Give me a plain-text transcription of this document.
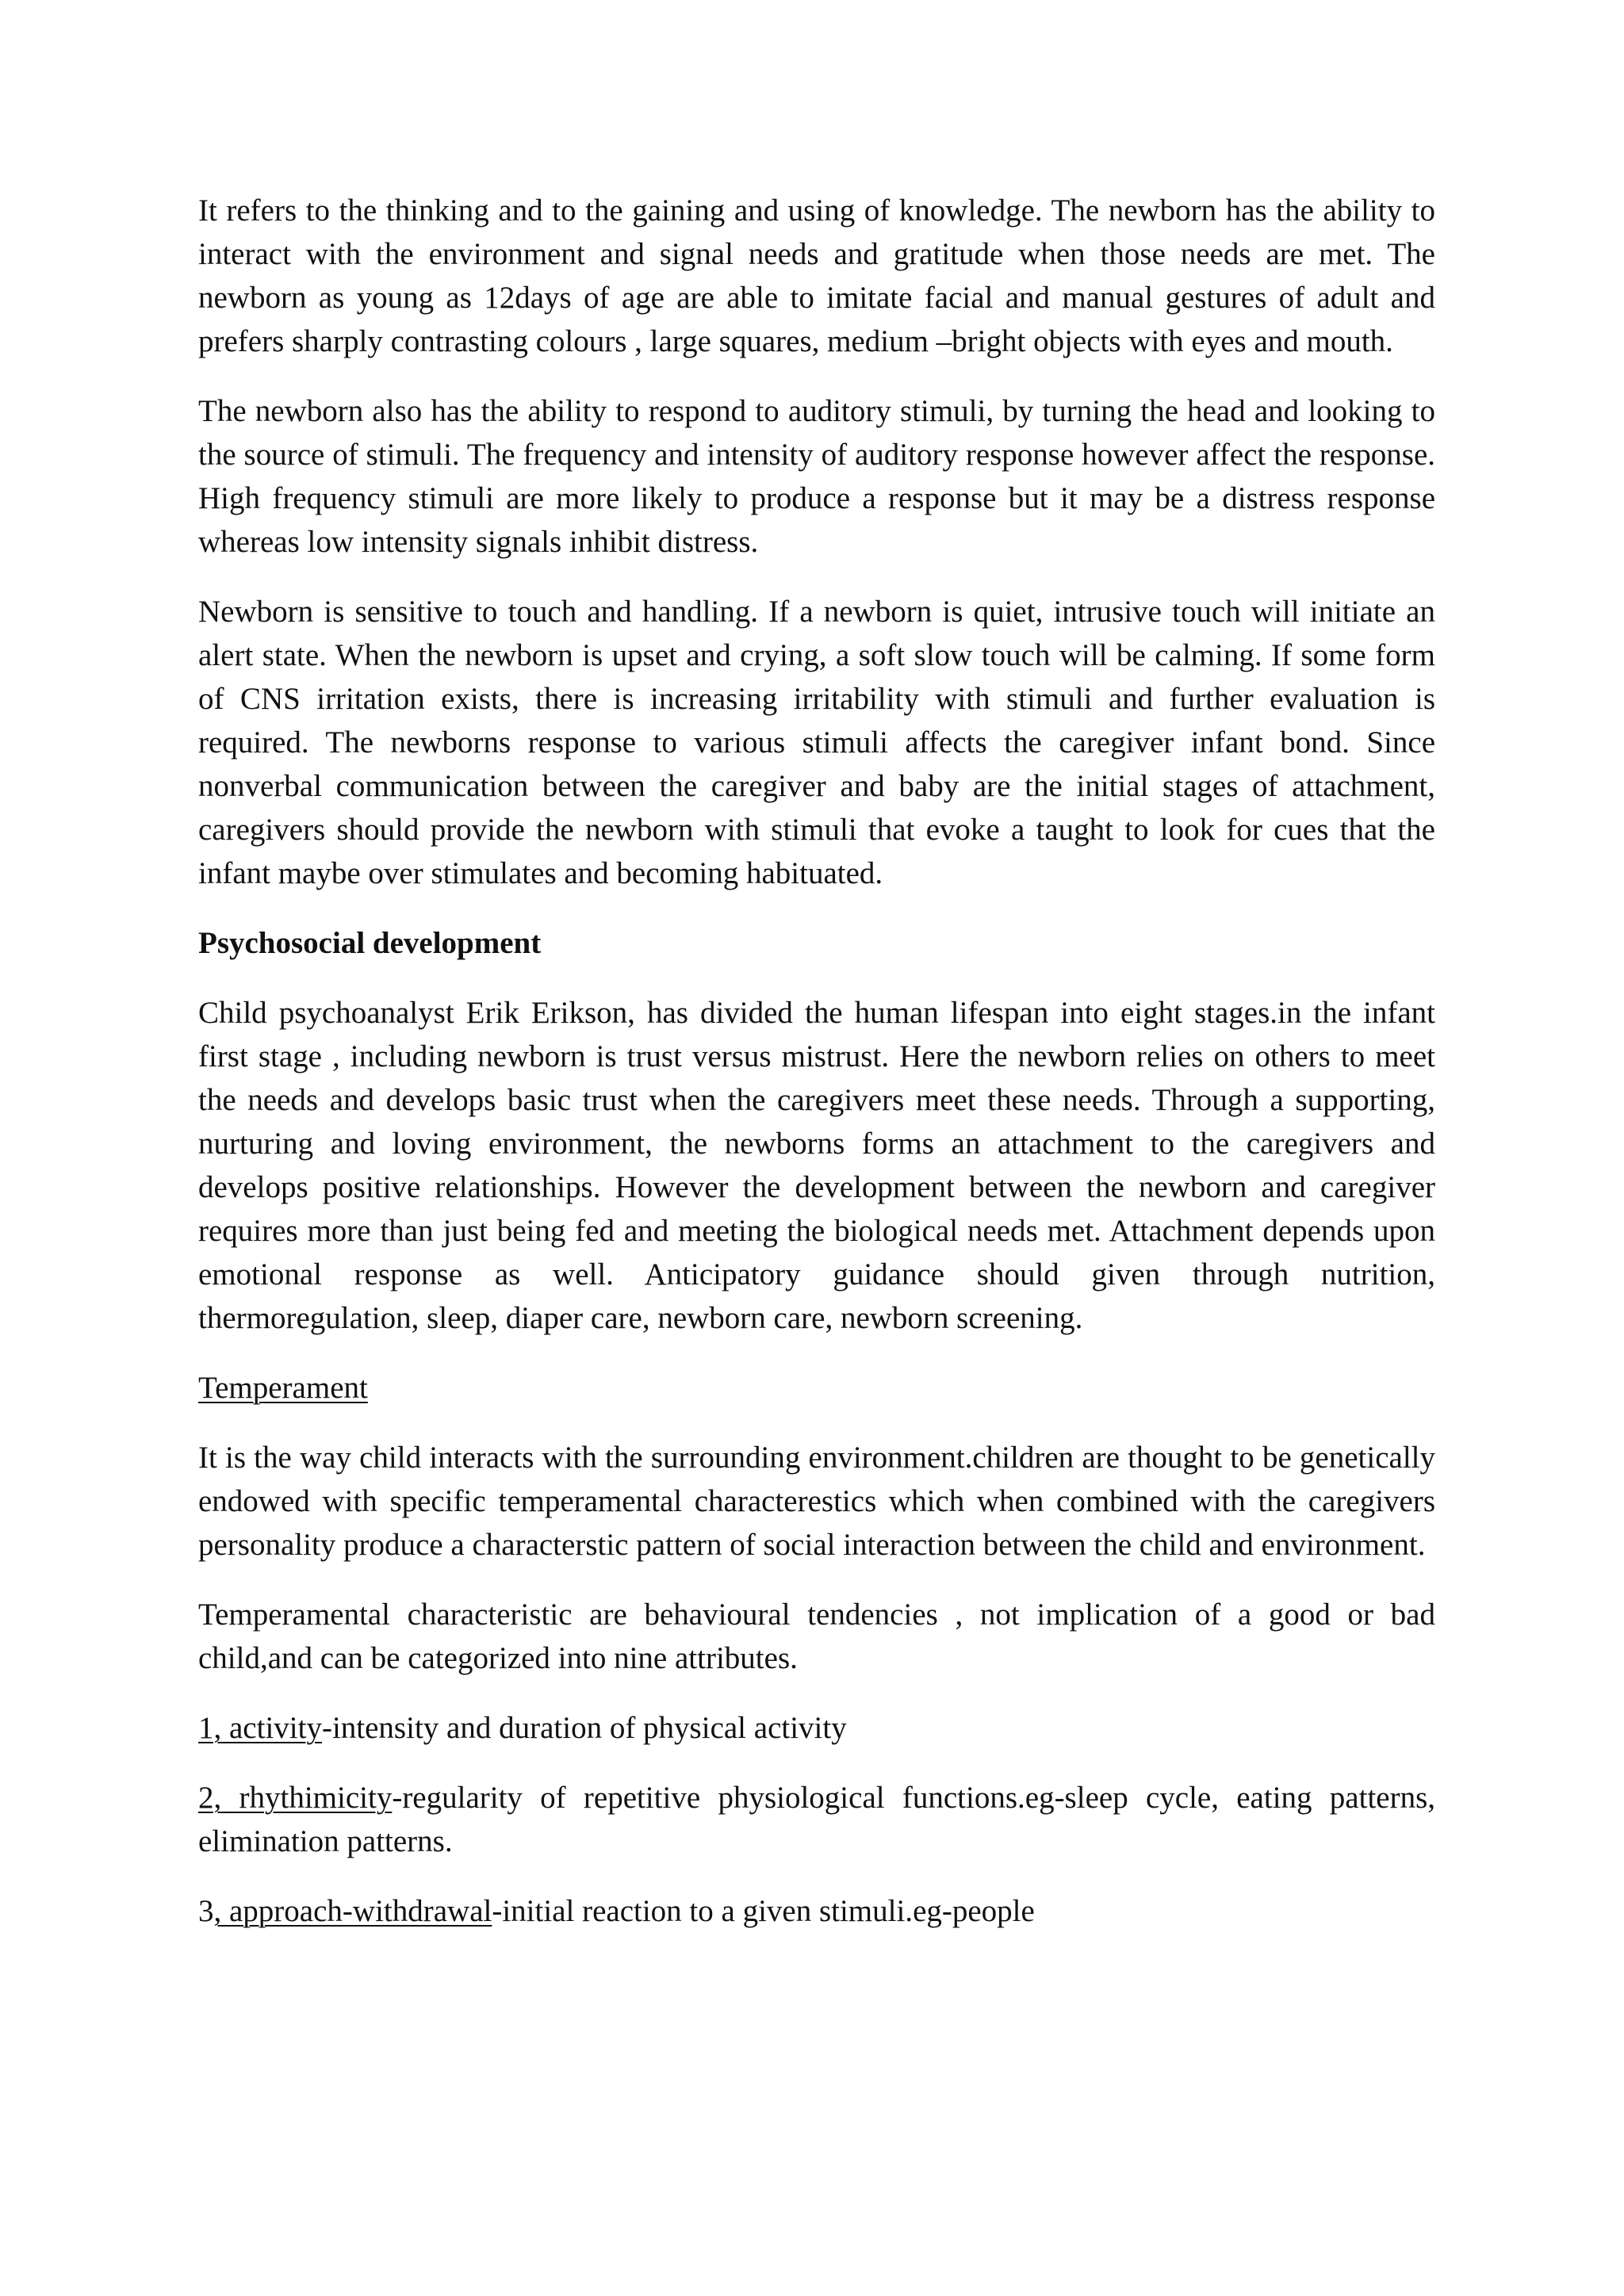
It refers to the thinking and to the gaining and using of knowledge. The newborn has the ability to interact with the environment and signal needs and gratitude when those needs are met. The newborn as young as 12days of age are able to imitate facial and manual gestures of adult and prefers sharply contrasting colours , large squares, medium –bright objects with eyes and mouth.

The newborn also has the ability to respond to auditory stimuli, by turning the head and looking to the source of stimuli. The frequency and intensity of auditory response however affect the response. High frequency stimuli are more likely to produce a response but it may be a distress response whereas low intensity signals inhibit distress.

Newborn is sensitive to touch and handling. If a newborn is quiet, intrusive touch will initiate an alert state. When the newborn is upset and crying, a soft slow touch will be calming. If some form of CNS irritation exists, there is increasing irritability with stimuli and further evaluation is required. The newborns response to various stimuli affects the caregiver infant bond. Since nonverbal communication between the caregiver and baby are the initial stages of attachment, caregivers should provide the newborn with stimuli that evoke a taught to look for cues that the infant maybe over stimulates and becoming habituated.

Psychosocial development

Child psychoanalyst Erik Erikson, has divided the human lifespan into eight stages.in the infant first stage , including newborn is trust versus mistrust. Here the newborn relies on others to meet the needs and develops basic trust when the caregivers meet these needs. Through a supporting, nurturing and loving environment, the newborns forms an attachment to the caregivers and develops positive relationships. However the development between the newborn and caregiver requires more than just being fed and meeting the biological needs met. Attachment depends upon emotional response as well. Anticipatory guidance should given through nutrition, thermoregulation, sleep, diaper care, newborn care, newborn screening.

Temperament

It is the way child interacts with the surrounding environment.children are thought to be genetically endowed with specific temperamental characterestics which when combined with the caregivers personality produce a characterstic pattern of social interaction between the child and environment.

Temperamental characteristic are behavioural tendencies , not implication of a good or bad child,and can be categorized into nine attributes.

1, activity-intensity and duration of physical activity

2, rhythimicity-regularity of repetitive physiological functions.eg-sleep cycle, eating patterns, elimination patterns.

3, approach-withdrawal-initial reaction to a given stimuli.eg-people
